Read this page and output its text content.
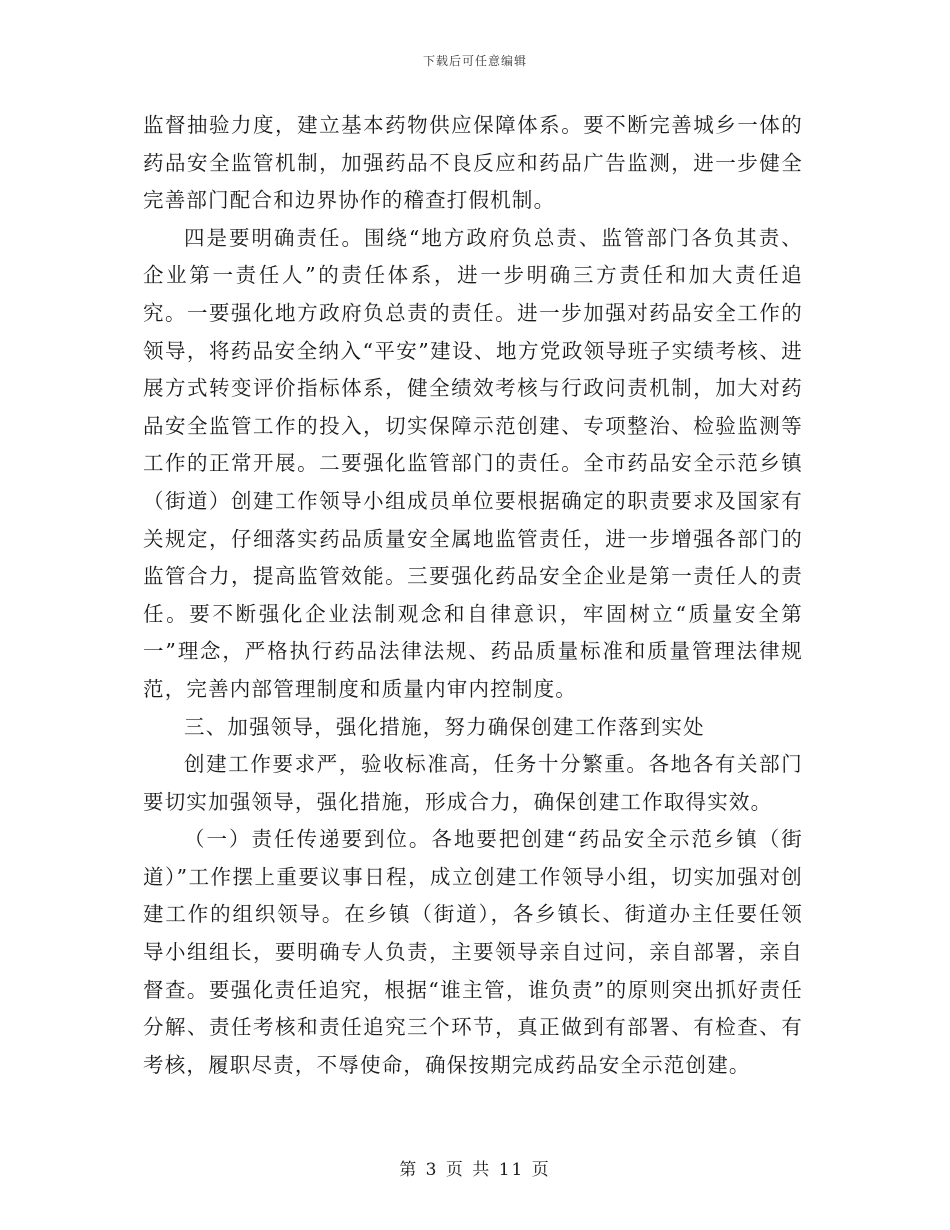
下载后可任意编辑

监督抽验力度，建立基本药物供应保障体系。要不断完善城乡一体的药品安全监管机制，加强药品不良反应和药品广告监测，进一步健全完善部门配合和边界协作的稽查打假机制。

四是要明确责任。围绕“地方政府负总责、监管部门各负其责、企业第一责任人”的责任体系，进一步明确三方责任和加大责任追究。一要强化地方政府负总责的责任。进一步加强对药品安全工作的领导，将药品安全纳入“平安”建设、地方党政领导班子实绩考核、进展方式转变评价指标体系，健全绩效考核与行政问责机制，加大对药品安全监管工作的投入，切实保障示范创建、专项整治、检验监测等工作的正常开展。二要强化监管部门的责任。全市药品安全示范乡镇（街道）创建工作领导小组成员单位要根据确定的职责要求及国家有关规定，仔细落实药品质量安全属地监管责任，进一步增强各部门的监管合力，提高监管效能。三要强化药品安全企业是第一责任人的责任。要不断强化企业法制观念和自律意识，牢固树立“质量安全第一”理念，严格执行药品法律法规、药品质量标准和质量管理法律规范，完善内部管理制度和质量内审内控制度。

三、加强领导，强化措施，努力确保创建工作落到实处

创建工作要求严，验收标准高，任务十分繁重。各地各有关部门要切实加强领导，强化措施，形成合力，确保创建工作取得实效。

（一）责任传递要到位。各地要把创建“药品安全示范乡镇（街道）”工作摆上重要议事日程，成立创建工作领导小组，切实加强对创建工作的组织领导。在乡镇（街道），各乡镇长、街道办主任要任领导小组组长，要明确专人负责，主要领导亲自过问，亲自部署，亲自督查。要强化责任追究，根据“谁主管，谁负责”的原则突出抓好责任分解、责任考核和责任追究三个环节，真正做到有部署、有检查、有考核，履职尽责，不辱使命，确保按期完成药品安全示范创建。

第 3 页 共 11 页
